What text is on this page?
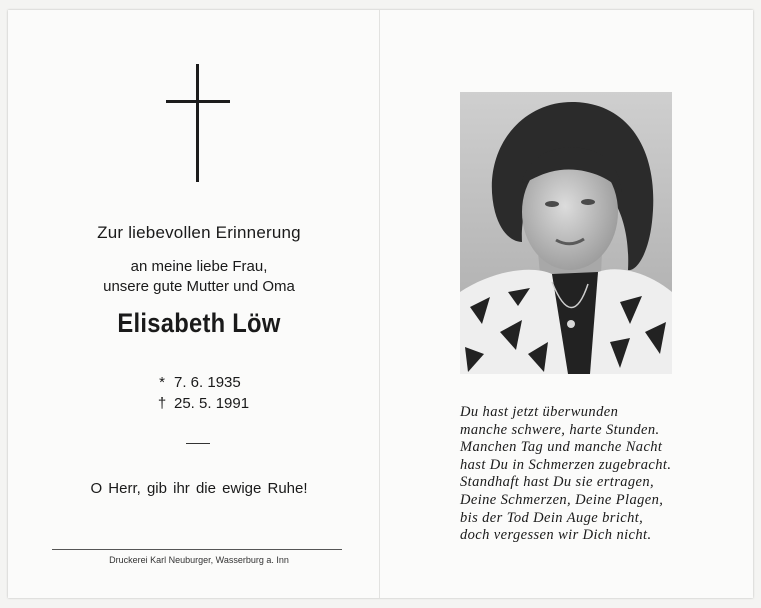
Zur liebevollen Erinnerung
an meine liebe Frau,
unsere gute Mutter und Oma
Elisabeth Löw
* 7. 6. 1935
† 25. 5. 1991
O Herr, gib ihr die ewige Ruhe!
Druckerei Karl Neuburger, Wasserburg a. Inn
Du hast jetzt überwunden
manche schwere, harte Stunden.
Manchen Tag und manche Nacht
hast Du in Schmerzen zugebracht.
Standhaft hast Du sie ertragen,
Deine Schmerzen, Deine Plagen,
bis der Tod Dein Auge bricht,
doch vergessen wir Dich nicht.
